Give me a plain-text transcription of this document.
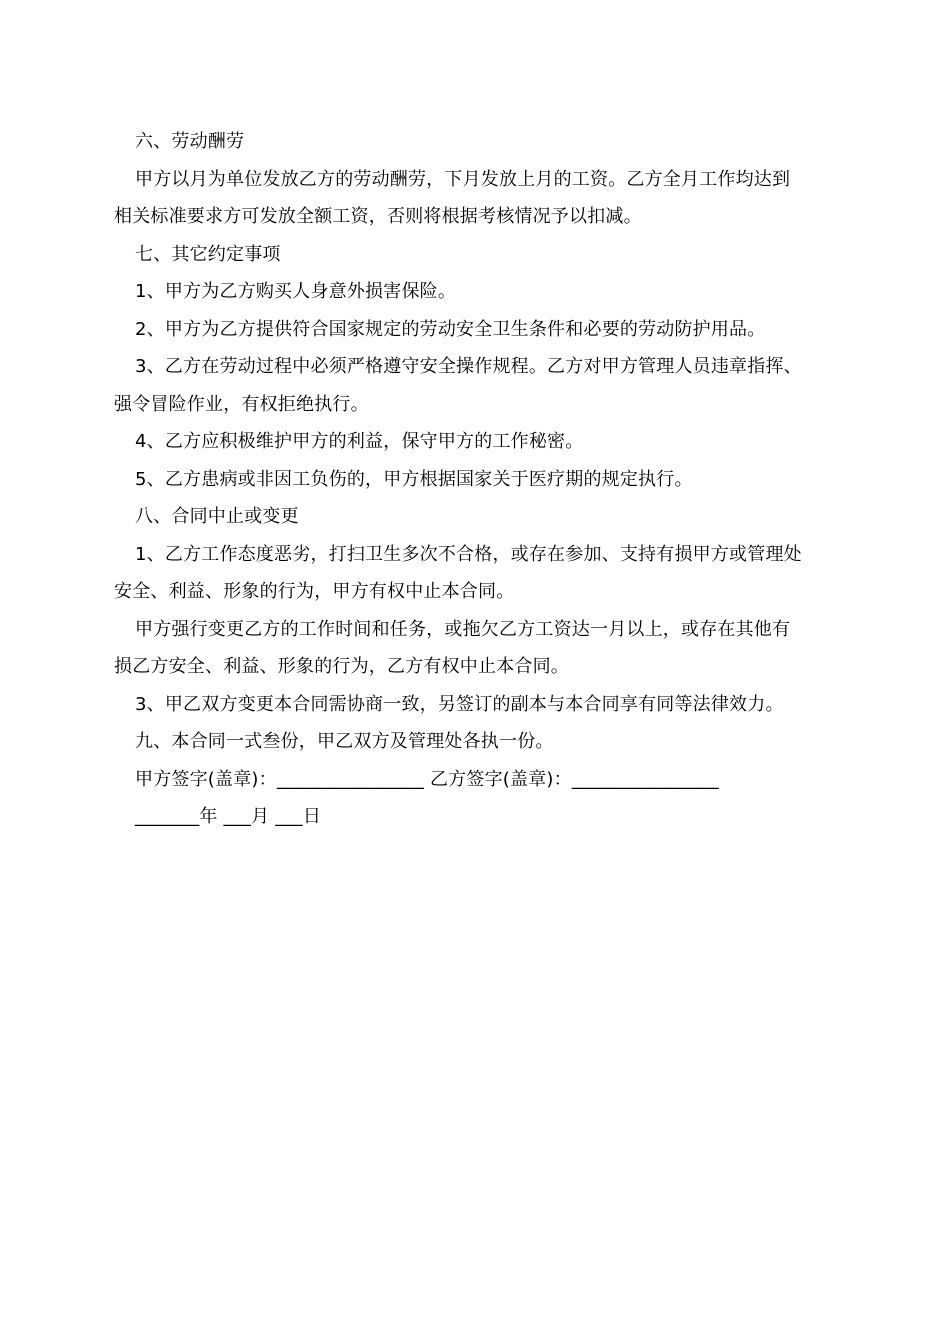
六、劳动酬劳
甲方以月为单位发放乙方的劳动酬劳，下月发放上月的工资。乙方全月工作均达到
相关标准要求方可发放全额工资，否则将根据考核情况予以扣减。
七、其它约定事项
1、甲方为乙方购买人身意外损害保险。
2、甲方为乙方提供符合国家规定的劳动安全卫生条件和必要的劳动防护用品。
3、乙方在劳动过程中必须严格遵守安全操作规程。乙方对甲方管理人员违章指挥、
强令冒险作业，有权拒绝执行。
4、乙方应积极维护甲方的利益，保守甲方的工作秘密。
5、乙方患病或非因工负伤的，甲方根据国家关于医疗期的规定执行。
八、合同中止或变更
1、乙方工作态度恶劣，打扫卫生多次不合格，或存在参加、支持有损甲方或管理处
安全、利益、形象的行为，甲方有权中止本合同。
甲方强行变更乙方的工作时间和任务，或拖欠乙方工资达一月以上，或存在其他有
损乙方安全、利益、形象的行为，乙方有权中止本合同。
3、甲乙双方变更本合同需协商一致，另签订的副本与本合同享有同等法律效力。
九、本合同一式叁份，甲乙双方及管理处各执一份。
甲方签字(盖章)：________________ 乙方签字(盖章)：________________
_______年 ___月 ___日
